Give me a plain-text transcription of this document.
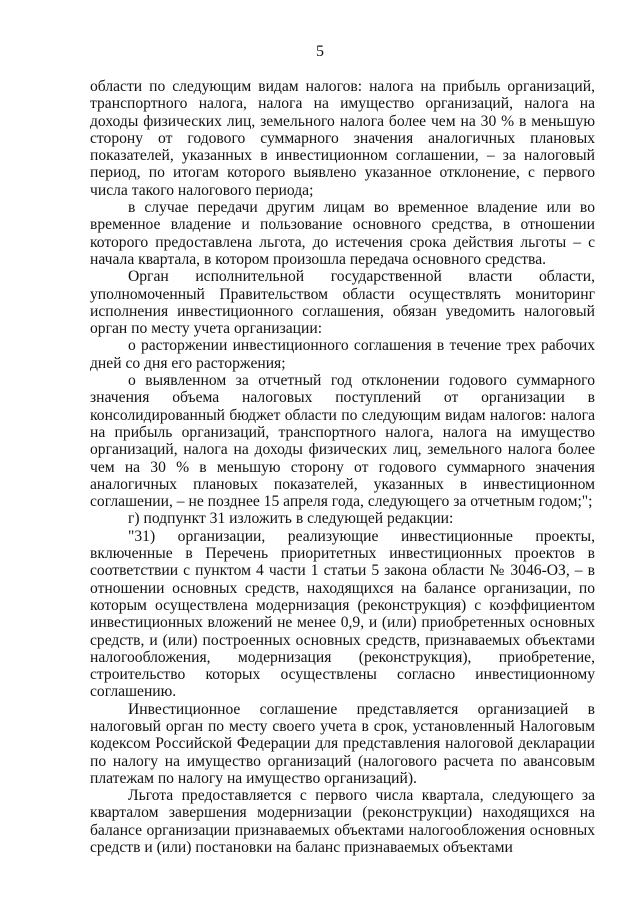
5

области по следующим видам налогов: налога на прибыль организаций, транспортного налога, налога на имущество организаций, налога на доходы физических лиц, земельного налога более чем на 30 % в меньшую сторону от годового суммарного значения аналогичных плановых показателей, указанных в инвестиционном соглашении, – за налоговый период, по итогам которого выявлено указанное отклонение, с первого числа такого налогового периода;

в случае передачи другим лицам во временное владение или во временное владение и пользование основного средства, в отношении которого предоставлена льгота, до истечения срока действия льготы – с начала квартала, в котором произошла передача основного средства.

Орган исполнительной государственной власти области, уполномоченный Правительством области осуществлять мониторинг исполнения инвестиционного соглашения, обязан уведомить налоговый орган по месту учета организации:

о расторжении инвестиционного соглашения в течение трех рабочих дней со дня его расторжения;

о выявленном за отчетный год отклонении годового суммарного значения объема налоговых поступлений от организации в консолидированный бюджет области по следующим видам налогов: налога на прибыль организаций, транспортного налога, налога на имущество организаций, налога на доходы физических лиц, земельного налога более чем на 30 % в меньшую сторону от годового суммарного значения аналогичных плановых показателей, указанных в инвестиционном соглашении, – не позднее 15 апреля года, следующего за отчетным годом;";

г) подпункт 31 изложить в следующей редакции:

"31) организации, реализующие инвестиционные проекты, включенные в Перечень приоритетных инвестиционных проектов в соответствии с пунктом 4 части 1 статьи 5 закона области № 3046-ОЗ, – в отношении основных средств, находящихся на балансе организации, по которым осуществлена модернизация (реконструкция) с коэффициентом инвестиционных вложений не менее 0,9, и (или) приобретенных основных средств, и (или) построенных основных средств, признаваемых объектами налогообложения, модернизация (реконструкция), приобретение, строительство которых осуществлены согласно инвестиционному соглашению.

Инвестиционное соглашение представляется организацией в налоговый орган по месту своего учета в срок, установленный Налоговым кодексом Российской Федерации для представления налоговой декларации по налогу на имущество организаций (налогового расчета по авансовым платежам по налогу на имущество организаций).

Льгота предоставляется с первого числа квартала, следующего за кварталом завершения модернизации (реконструкции) находящихся на балансе организации признаваемых объектами налогообложения основных средств и (или) постановки на баланс признаваемых объектами
